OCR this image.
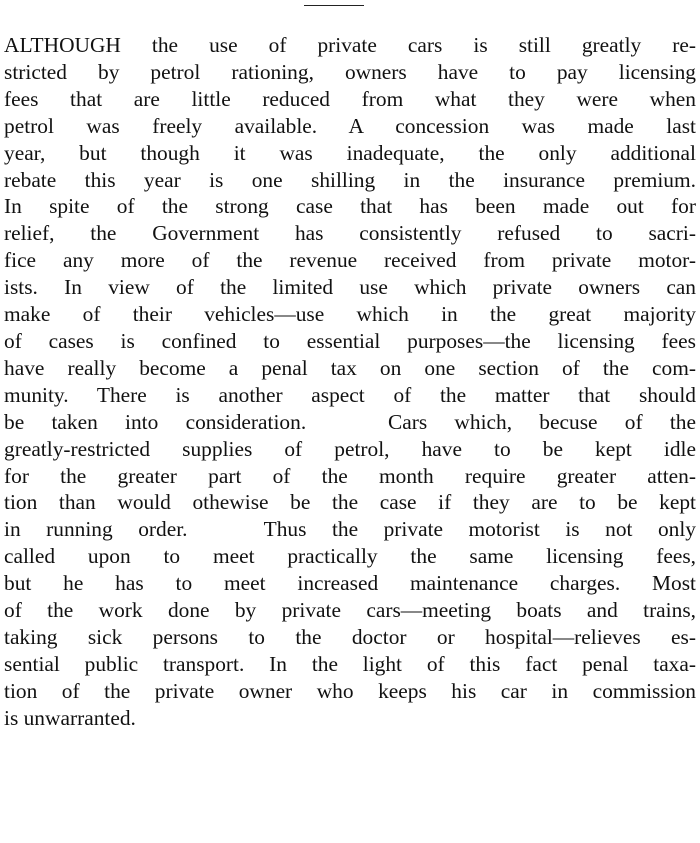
ALTHOUGH the use of private cars is still greatly re-
stricted by petrol rationing, owners have to pay licensing
fees that are little reduced from what they were when
petrol was freely available. A concession was made last
year, but though it was inadequate, the only additional
rebate this year is one shilling in the insurance premium.
In spite of the strong case that has been made out for
relief, the Government has consistently refused to sacri-
fice any more of the revenue received from private motor-
ists. In view of the limited use which private owners can
make of their vehicles—use which in the great majority
of cases is confined to essential purposes—the licensing fees
have really become a penal tax on one section of the com-
munity. There is another aspect of the matter that should
be taken into consideration.   Cars which, becuse of the
greatly-restricted supplies of petrol, have to be kept idle
for the greater part of the month require greater atten-
tion than would othewise be the case if they are to be kept
in running order.   Thus the private motorist is not only
called upon to meet practically the same licensing fees,
but he has to meet increased maintenance charges. Most
of the work done by private cars—meeting boats and trains,
taking sick persons to the doctor or hospital—relieves es-
sential public transport. In the light of this fact penal taxa-
tion of the private owner who keeps his car in commission
is unwarranted.
